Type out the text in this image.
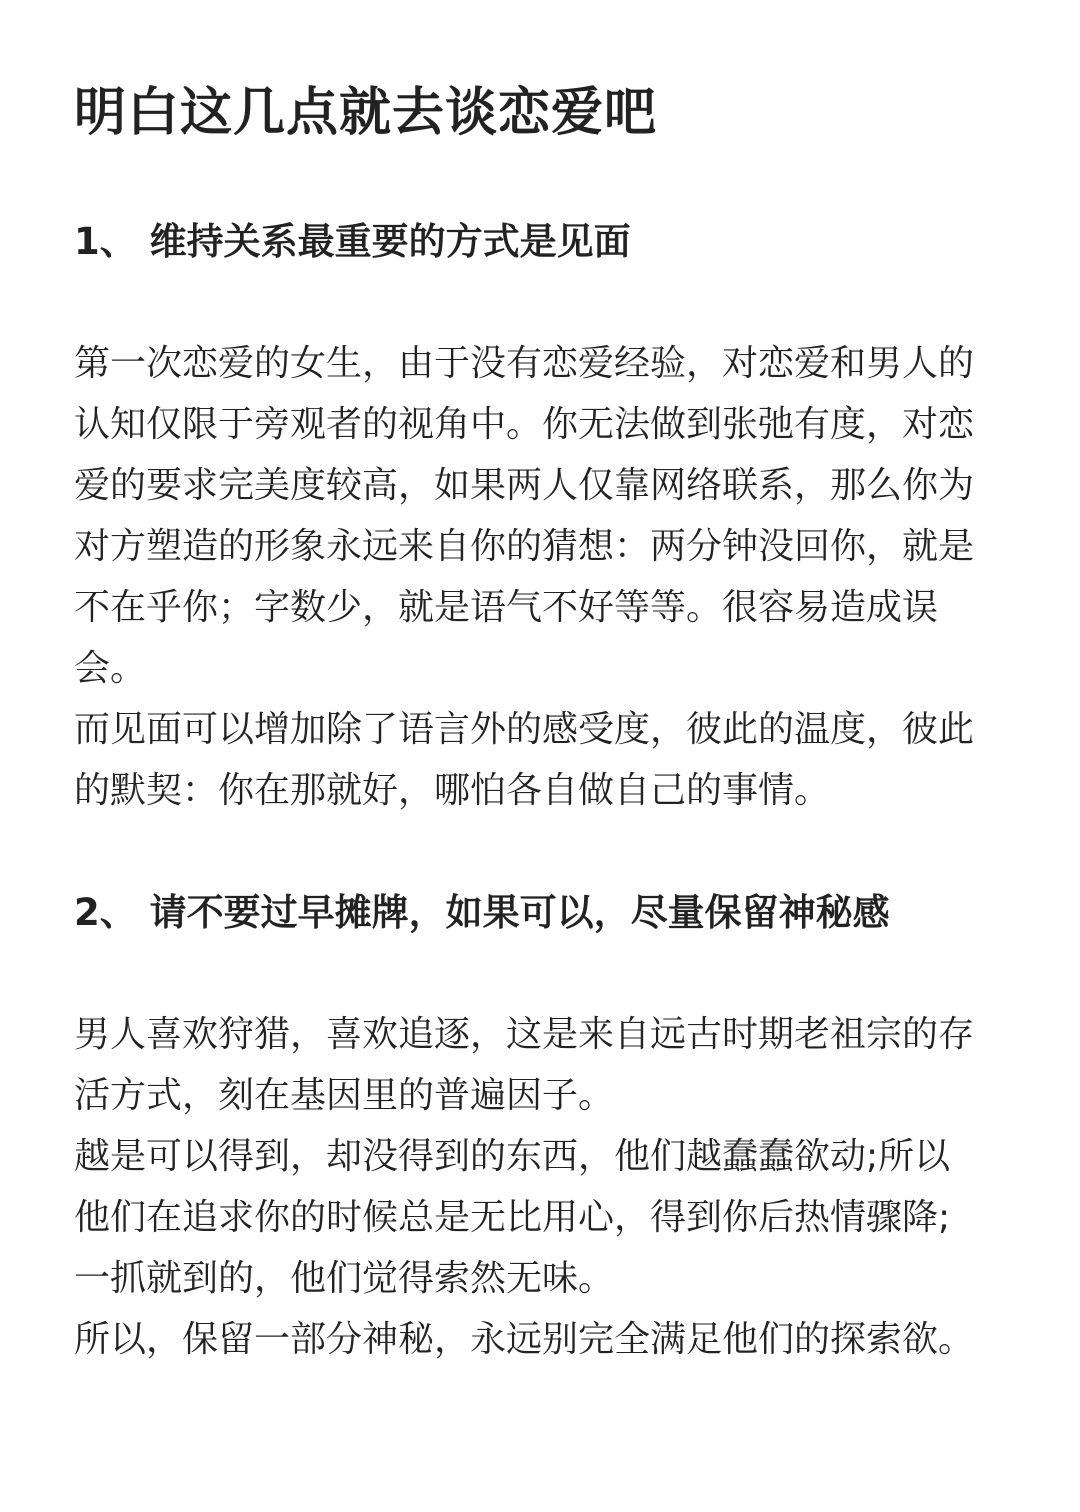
明白这几点就去谈恋爱吧
1、 维持关系最重要的方式是见面

第一次恋爱的女生，由于没有恋爱经验，对恋爱和男人的认知仅限于旁观者的视角中。你无法做到张弛有度，对恋爱的要求完美度较高，如果两人仅靠网络联系，那么你为对方塑造的形象永远来自你的猜想：两分钟没回你，就是不在乎你；字数少，就是语气不好等等。很容易造成误会。

而见面可以增加除了语言外的感受度，彼此的温度，彼此的默契：你在那就好，哪怕各自做自己的事情。

2、 请不要过早摊牌，如果可以，尽量保留神秘感

男人喜欢狩猎，喜欢追逐，这是来自远古时期老祖宗的存活方式，刻在基因里的普遍因子。

越是可以得到，却没得到的东西，他们越蠢蠢欲动;所以他们在追求你的时候总是无比用心，得到你后热情骤降;一抓就到的，他们觉得索然无味。

所以，保留一部分神秘，永远别完全满足他们的探索欲。
